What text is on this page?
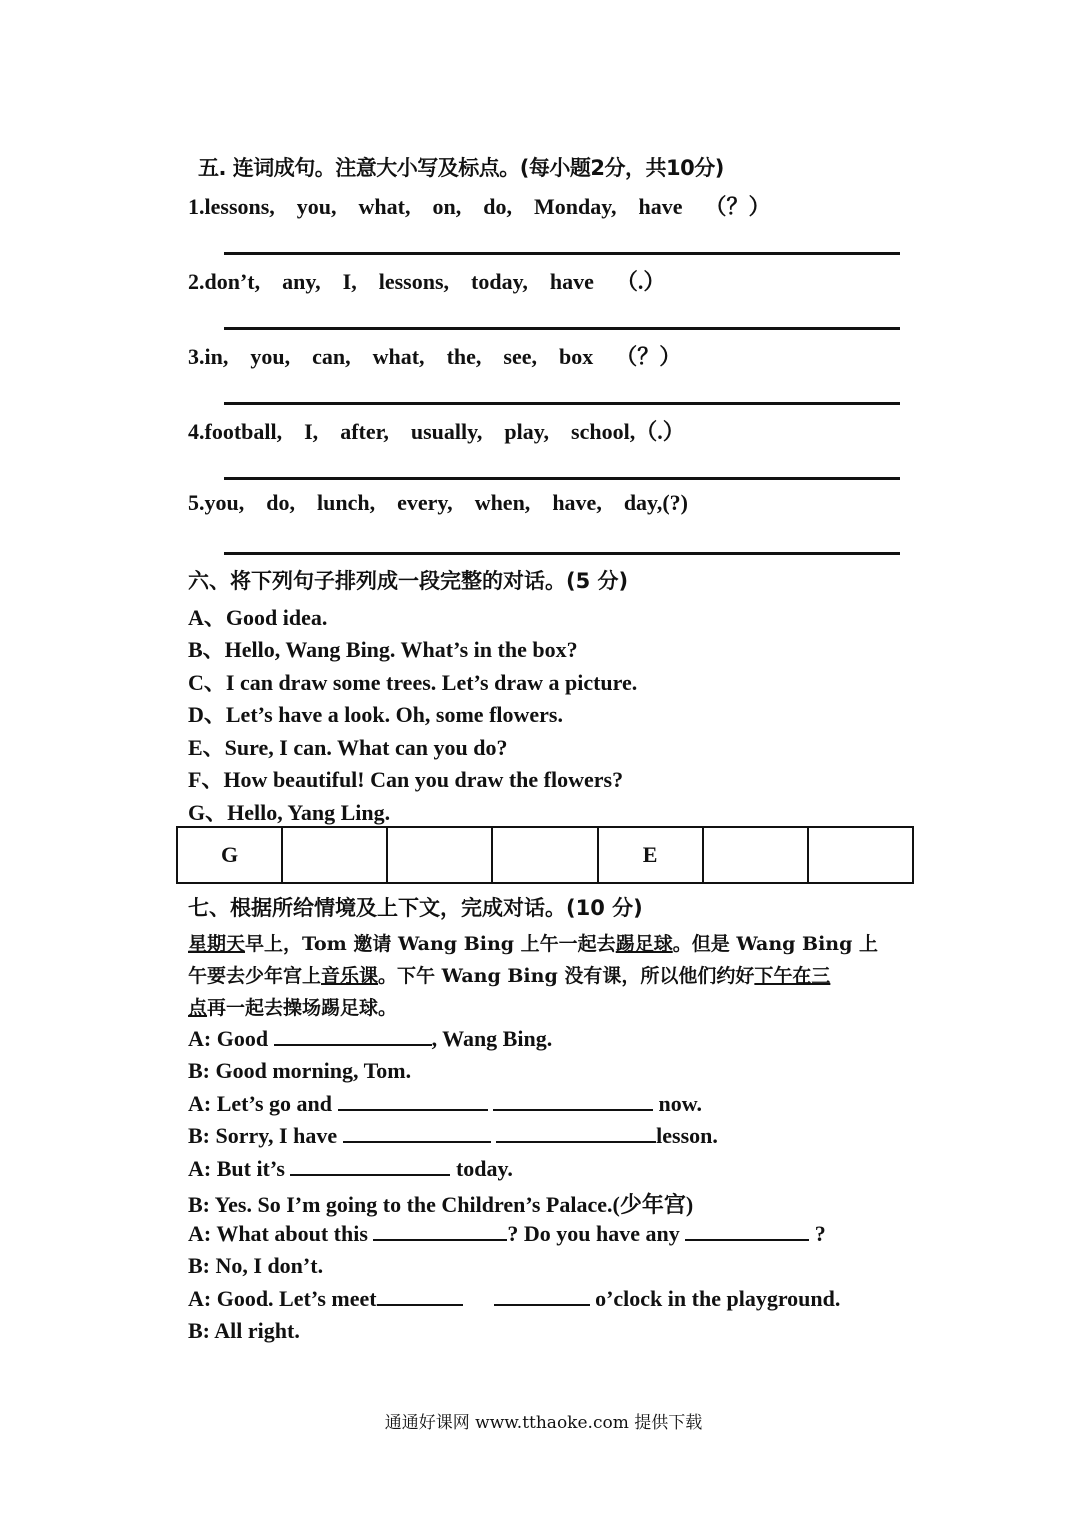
五. 连词成句。注意大小写及标点。(每小题2分，共10分)
1.lessons, you, what, on, do, Monday, have （？）
2.don’t, any, I, lessons, today, have （.）
3.in, you, can, what, the, see, box （？）
4.football, I, after, usually, play, school,（.）
5.you, do, lunch, every, when, have, day,(?)
六、将下列句子排列成一段完整的对话。(5 分)
A、Good idea.
B、Hello, Wang Bing. What’s in the box?
C、I can draw some trees. Let’s draw a picture.
D、Let’s have a look. Oh, some flowers.
E、Sure, I can. What can you do?
F、How beautiful! Can you draw the flowers?
G、Hello, Yang Ling.
G				E		
七、根据所给情境及上下文，完成对话。(10 分)
星期天早上，Tom 邀请 Wang Bing 上午一起去踢足球。但是 Wang Bing 上
午要去少年宫上音乐课。下午 Wang Bing 没有课，所以他们约好下午在三
点再一起去操场踢足球。
A: Good	, Wang Bing.
B: Good morning, Tom.
A: Let’s go and	now.
B: Sorry, I have	lesson.
A: But it’s	today.
B: Yes. So I’m going to the Children’s Palace.(少年宫)
A: What about this	? Do you have any	?
B: No, I don’t.
A: Good. Let’s meet	o’clock in the playground.
B: All right.
通通好课网 www.tthaoke.com 提供下载
